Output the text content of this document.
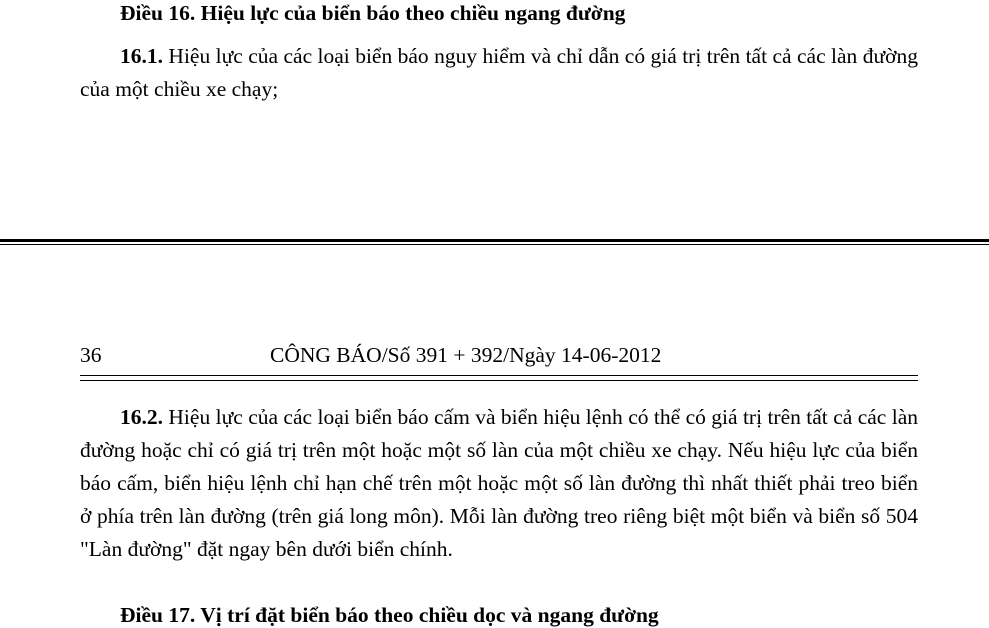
Điều 16. Hiệu lực của biển báo theo chiều ngang đường
16.1. Hiệu lực của các loại biển báo nguy hiểm và chỉ dẫn có giá trị trên tất cả các làn đường của một chiều xe chạy;
36	CÔNG BÁO/Số 391 + 392/Ngày 14-06-2012
16.2. Hiệu lực của các loại biển báo cấm và biển hiệu lệnh có thể có giá trị trên tất cả các làn đường hoặc chỉ có giá trị trên một hoặc một số làn của một chiều xe chạy. Nếu hiệu lực của biển báo cấm, biển hiệu lệnh chỉ hạn chế trên một hoặc một số làn đường thì nhất thiết phải treo biển ở phía trên làn đường (trên giá long môn). Mỗi làn đường treo riêng biệt một biển và biển số 504 "Làn đường" đặt ngay bên dưới biển chính.
Điều 17. Vị trí đặt biển báo theo chiều dọc và ngang đường
